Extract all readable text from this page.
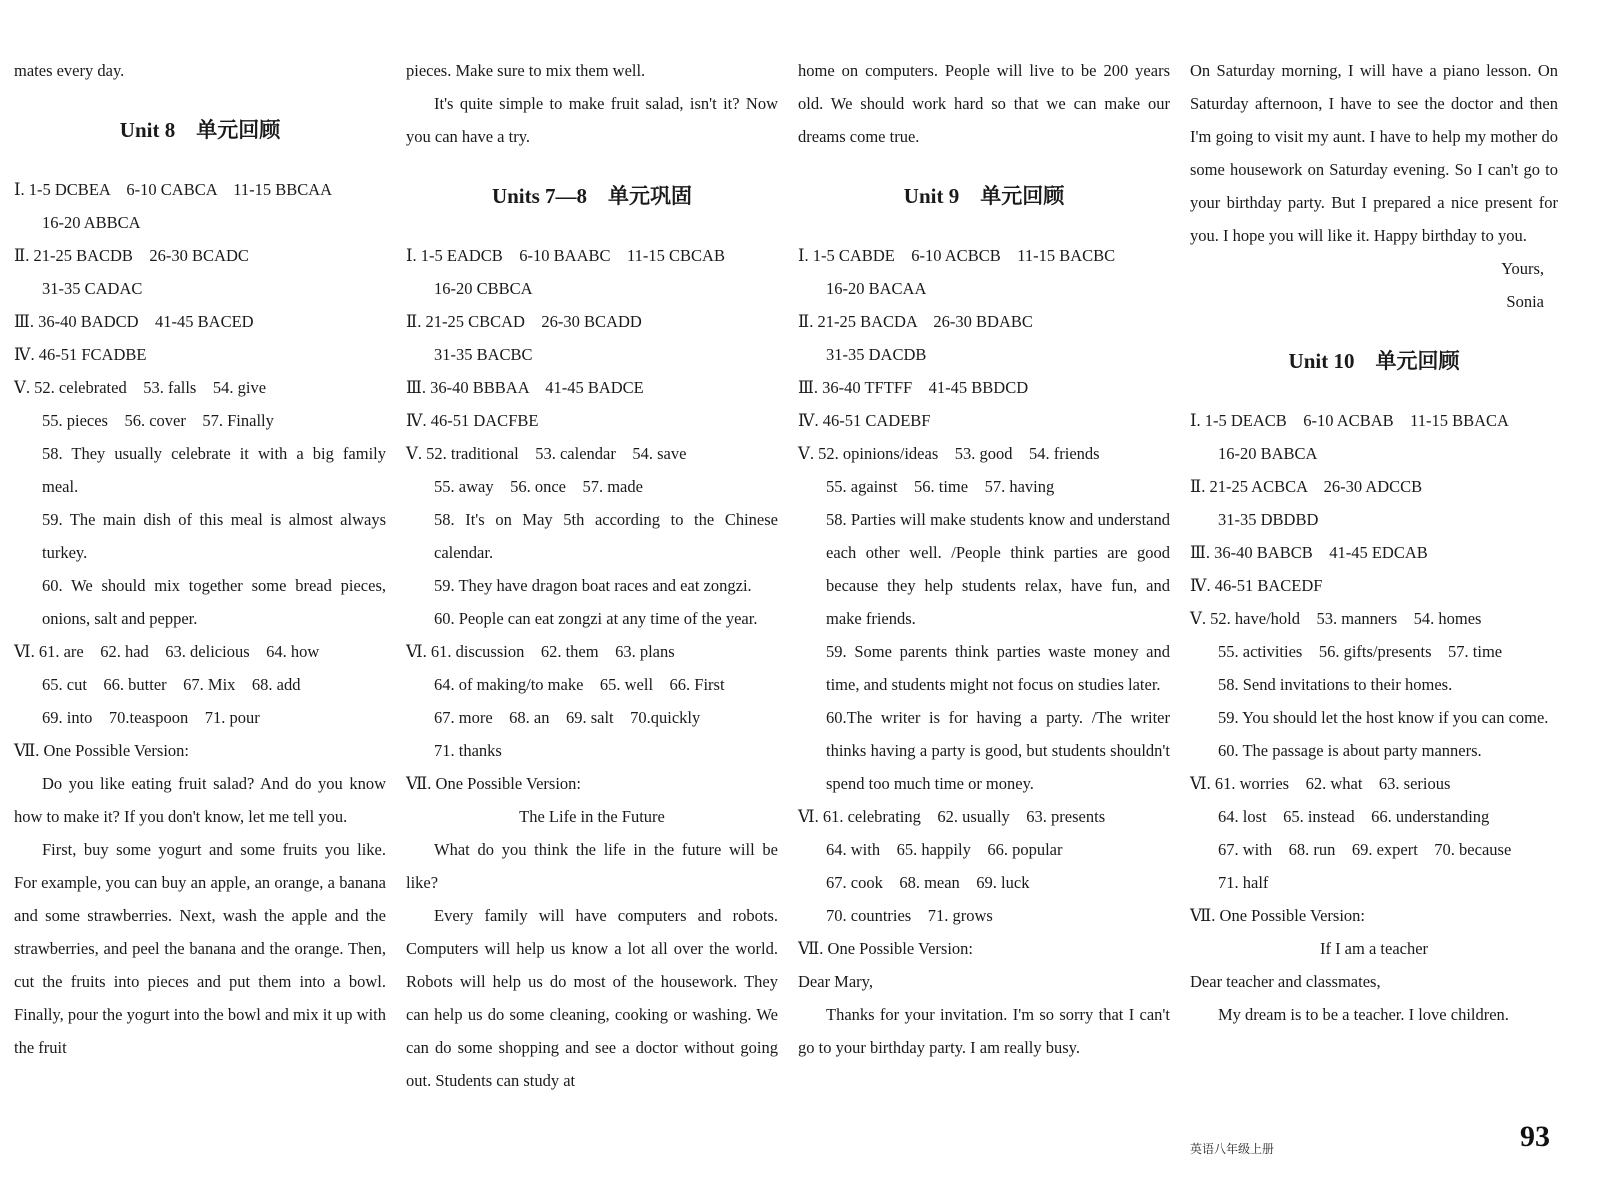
mates every day.

Unit 8　单元回顾

Ⅰ. 1-5 DCBEA　6-10 CABCA　11-15 BBCAA

16-20 ABBCA

Ⅱ. 21-25 BACDB　26-30 BCADC

31-35 CADAC

Ⅲ. 36-40 BADCD　41-45 BACED

Ⅳ. 46-51 FCADBE

Ⅴ. 52. celebrated　53. falls　54. give

55. pieces　56. cover　57. Finally

58. They usually celebrate it with a big family meal.

59. The main dish of this meal is almost always turkey.

60. We should mix together some bread pieces, onions, salt and pepper.

Ⅵ. 61. are　62. had　63. delicious　64. how

65. cut　66. butter　67. Mix　68. add

69. into　70.teaspoon　71. pour

Ⅶ. One Possible Version:

Do you like eating fruit salad? And do you know how to make it? If you don't know, let me tell you.

First, buy some yogurt and some fruits you like. For example, you can buy an apple, an orange, a banana and some strawberries. Next, wash the apple and the strawberries, and peel the banana and the orange. Then, cut the fruits into pieces and put them into a bowl. Finally, pour the yogurt into the bowl and mix it up with the fruit

pieces. Make sure to mix them well.

It's quite simple to make fruit salad, isn't it? Now you can have a try.

Units 7—8　单元巩固

Ⅰ. 1-5 EADCB　6-10 BAABC　11-15 CBCAB

16-20 CBBCA

Ⅱ. 21-25 CBCAD　26-30 BCADD

31-35 BACBC

Ⅲ. 36-40 BBBAA　41-45 BADCE

Ⅳ. 46-51 DACFBE

Ⅴ. 52. traditional　53. calendar　54. save

55. away　56. once　57. made

58. It's on May 5th according to the Chinese calendar.

59. They have dragon boat races and eat zongzi.

60. People can eat zongzi at any time of the year.

Ⅵ. 61. discussion　62. them　63. plans

64. of making/to make　65. well　66. First

67. more　68. an　69. salt　70.quickly

71. thanks

Ⅶ. One Possible Version:

The Life in the Future

What do you think the life in the future will be like?

Every family will have computers and robots. Computers will help us know a lot all over the world. Robots will help us do most of the housework. They can help us do some cleaning, cooking or washing. We can do some shopping and see a doctor without going out. Students can study at

home on computers. People will live to be 200 years old. We should work hard so that we can make our dreams come true.

Unit 9　单元回顾

Ⅰ. 1-5 CABDE　6-10 ACBCB　11-15 BACBC

16-20 BACAA

Ⅱ. 21-25 BACDA　26-30 BDABC

31-35 DACDB

Ⅲ. 36-40 TFTFF　41-45 BBDCD

Ⅳ. 46-51 CADEBF

Ⅴ. 52. opinions/ideas　53. good　54. friends

55. against　56. time　57. having

58. Parties will make students know and understand each other well. /People think parties are good because they help students relax, have fun, and make friends.

59. Some parents think parties waste money and time, and students might not focus on studies later.

60.The writer is for having a party. /The writer thinks having a party is good, but students shouldn't spend too much time or money.

Ⅵ. 61. celebrating　62. usually　63. presents

64. with　65. happily　66. popular

67. cook　68. mean　69. luck

70. countries　71. grows

Ⅶ. One Possible Version:

Dear Mary,

Thanks for your invitation. I'm so sorry that I can't go to your birthday party. I am really busy.

On Saturday morning, I will have a piano lesson. On Saturday afternoon, I have to see the doctor and then I'm going to visit my aunt. I have to help my mother do some housework on Saturday evening. So I can't go to your birthday party. But I prepared a nice present for you. I hope you will like it. Happy birthday to you.

Yours,

Sonia

Unit 10　单元回顾

Ⅰ. 1-5 DEACB　6-10 ACBAB　11-15 BBACA

16-20 BABCA

Ⅱ. 21-25 ACBCA　26-30 ADCCB

31-35 DBDBD

Ⅲ. 36-40 BABCB　41-45 EDCAB

Ⅳ. 46-51 BACEDF

Ⅴ. 52. have/hold　53. manners　54. homes

55. activities　56. gifts/presents　57. time

58. Send invitations to their homes.

59. You should let the host know if you can come.

60. The passage is about party manners.

Ⅵ. 61. worries　62. what　63. serious

64. lost　65. instead　66. understanding

67. with　68. run　69. expert　70. because

71. half

Ⅶ. One Possible Version:

If I am a teacher

Dear teacher and classmates,

My dream is to be a teacher. I love children.

英语八年级上册	93
